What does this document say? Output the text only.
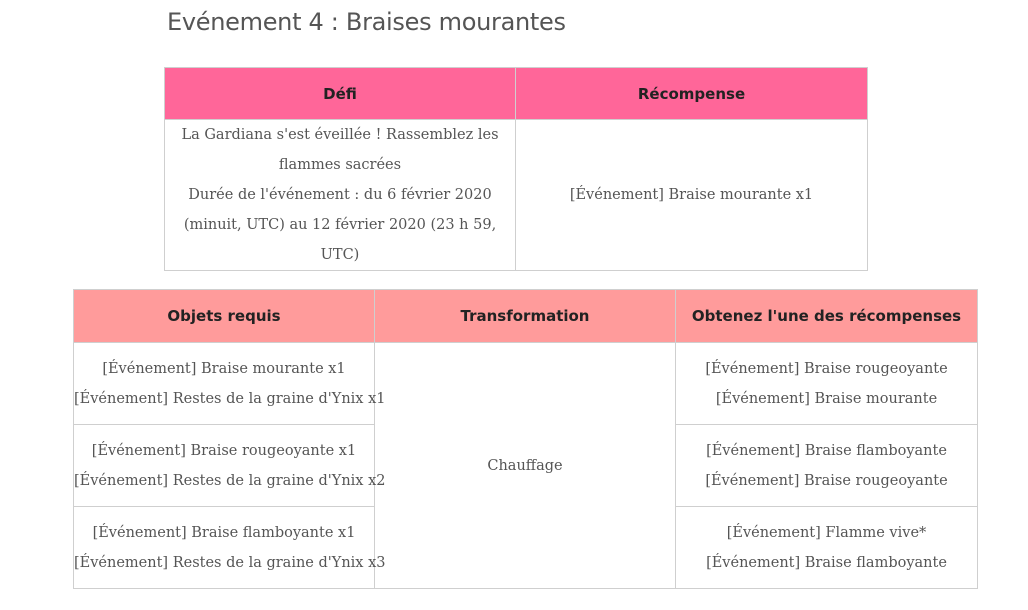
Evénement 4 : Braises mourantes
Défi	Récompense

La Gardiana s'est éveillée ! Rassemblez les flammes sacrées
Durée de l'événement : du 6 février 2020 (minuit, UTC) au 12 février 2020 (23 h 59, UTC)	[Événement] Braise mourante x1
Objets requis	Transformation	Obtenez l'une des récompenses

[Événement] Braise mourante x1
[Événement] Restes de la graine d'Ynix x1	Chauffage	[Événement] Braise rougeoyante
[Événement] Braise mourante

[Événement] Braise rougeoyante x1
[Événement] Restes de la graine d'Ynix x2		[Événement] Braise flamboyante
[Événement] Braise rougeoyante

[Événement] Braise flamboyante x1
[Événement] Restes de la graine d'Ynix x3		[Événement] Flamme vive*
[Événement] Braise flamboyante
